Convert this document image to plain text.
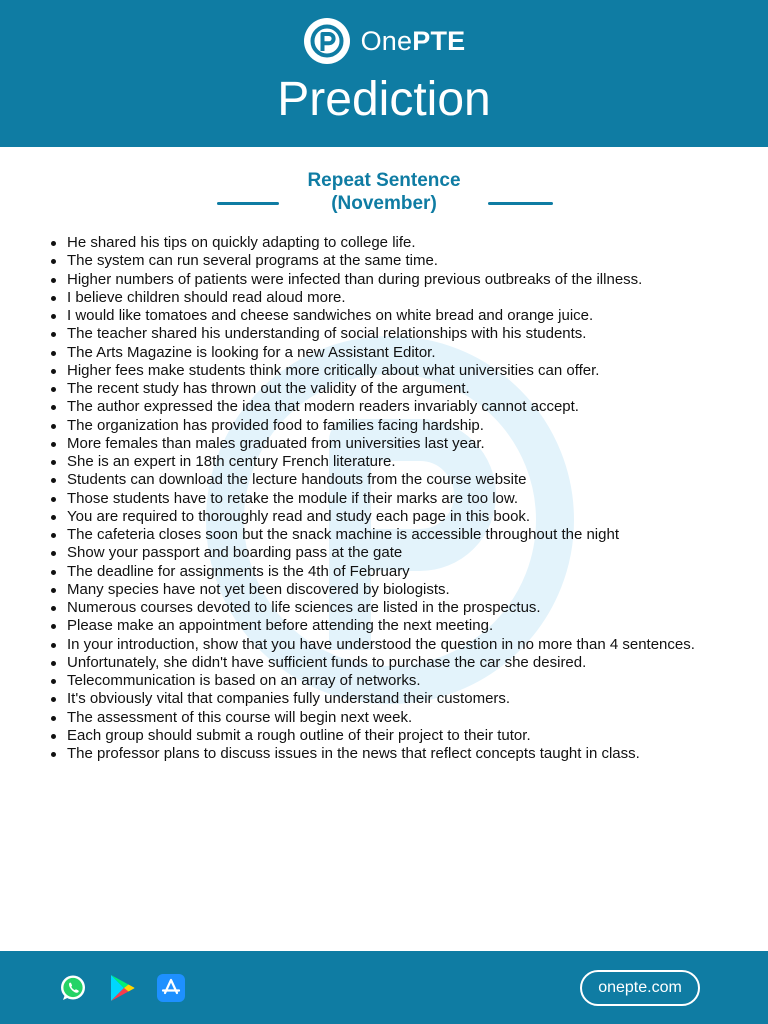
OnePTE
Prediction
Repeat Sentence
(November)
He shared his tips on quickly adapting to college life.
The system can run several programs at the same time.
Higher numbers of patients were infected than during previous outbreaks of the illness.
I believe children should read aloud more.
I would like tomatoes and cheese sandwiches on white bread and orange juice.
The teacher shared his understanding of social relationships with his students.
The Arts Magazine is looking for a new Assistant Editor.
Higher fees make students think more critically about what universities can offer.
The recent study has thrown out the validity of the argument.
The author expressed the idea that modern readers invariably cannot accept.
The organization has provided food to families facing hardship.
More females than males graduated from universities last year.
She is an expert in 18th century French literature.
Students can download the lecture handouts from the course website
Those students have to retake the module if their marks are too low.
You are required to thoroughly read and study each page in this book.
The cafeteria closes soon but the snack machine is accessible throughout the night
Show your passport and boarding pass at the gate
The deadline for assignments is the 4th of February
Many species have not yet been discovered by biologists.
Numerous courses devoted to life sciences are listed in the prospectus.
Please make an appointment before attending the next meeting.
In your introduction, show that you have understood the question in no more than 4 sentences.
Unfortunately, she didn't have sufficient funds to purchase the car she desired.
Telecommunication is based on an array of networks.
It's obviously vital that companies fully understand their customers.
The assessment of this course will begin next week.
Each group should submit a rough outline of their project to their tutor.
The professor plans to discuss issues in the news that reflect concepts taught in class.
onepte.com
